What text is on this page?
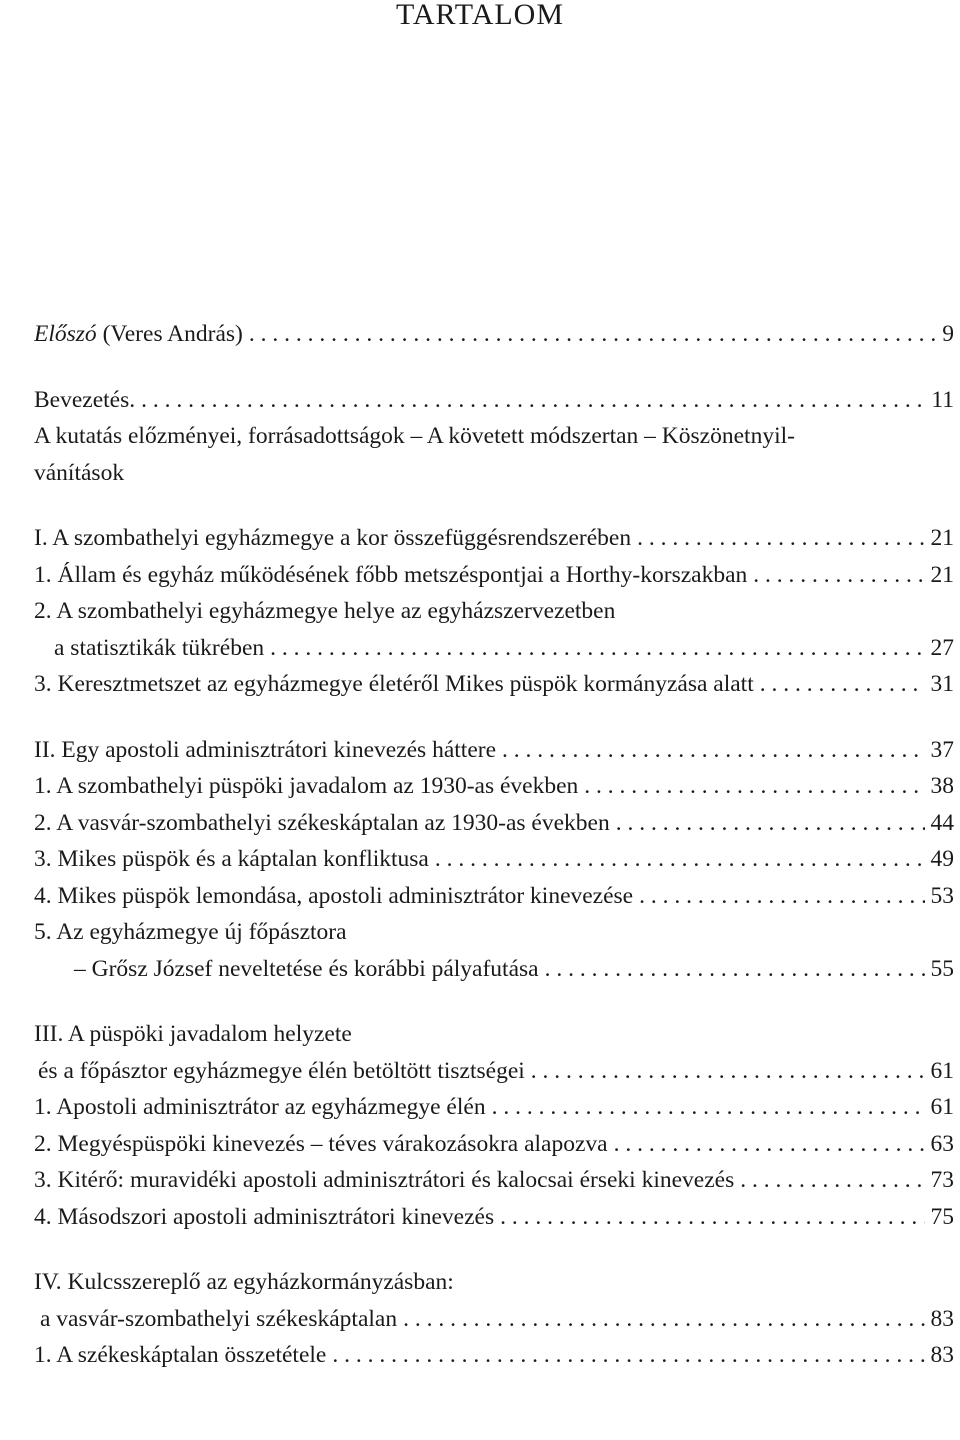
TARTALOM
Előszó (Veres András) . . .	9
Bevezetés. . . .	11
A kutatás előzményei, forrásadottságok – A követett módszertan – Köszönetnyil-
vánítások
I. A szombathelyi egyházmegye a kor összefüggésrendszerében . . .	21
1. Állam és egyház működésének főbb metszéspontjai a Horthy-korszakban . . .	21
2. A szombathelyi egyházmegye helye az egyházszervezetben
a statisztikák tükrében . . .	27
3. Keresztmetszet az egyházmegye életéről Mikes püspök kormányzása alatt . . .	31
II. Egy apostoli adminisztrátori kinevezés háttere . . .	37
1. A szombathelyi püspöki javadalom az 1930-as években . . .	38
2. A vasvár-szombathelyi székeskáptalan az 1930-as években . . .	44
3. Mikes püspök és a káptalan konfliktusa . . .	49
4. Mikes püspök lemondása, apostoli adminisztrátor kinevezése . . .	53
5. Az egyházmegye új főpásztora
– Grősz József neveltetése és korábbi pályafutása . . .	55
III. A püspöki javadalom helyzete
és a főpásztor egyházmegye élén betöltött tisztségei . . .	61
1. Apostoli adminisztrátor az egyházmegye élén . . .	61
2. Megyéspüspöki kinevezés – téves várakozásokra alapozva . . .	63
3. Kitérő: muravidéki apostoli adminisztrátori és kalocsai érseki kinevezés . . .	73
4. Másodszori apostoli adminisztrátori kinevezés . . .	75
IV. Kulcsszereplő az egyházkormányzásban:
a vasvár-szombathelyi székeskáptalan . . .	83
1. A székeskáptalan összetétele . . .	83
